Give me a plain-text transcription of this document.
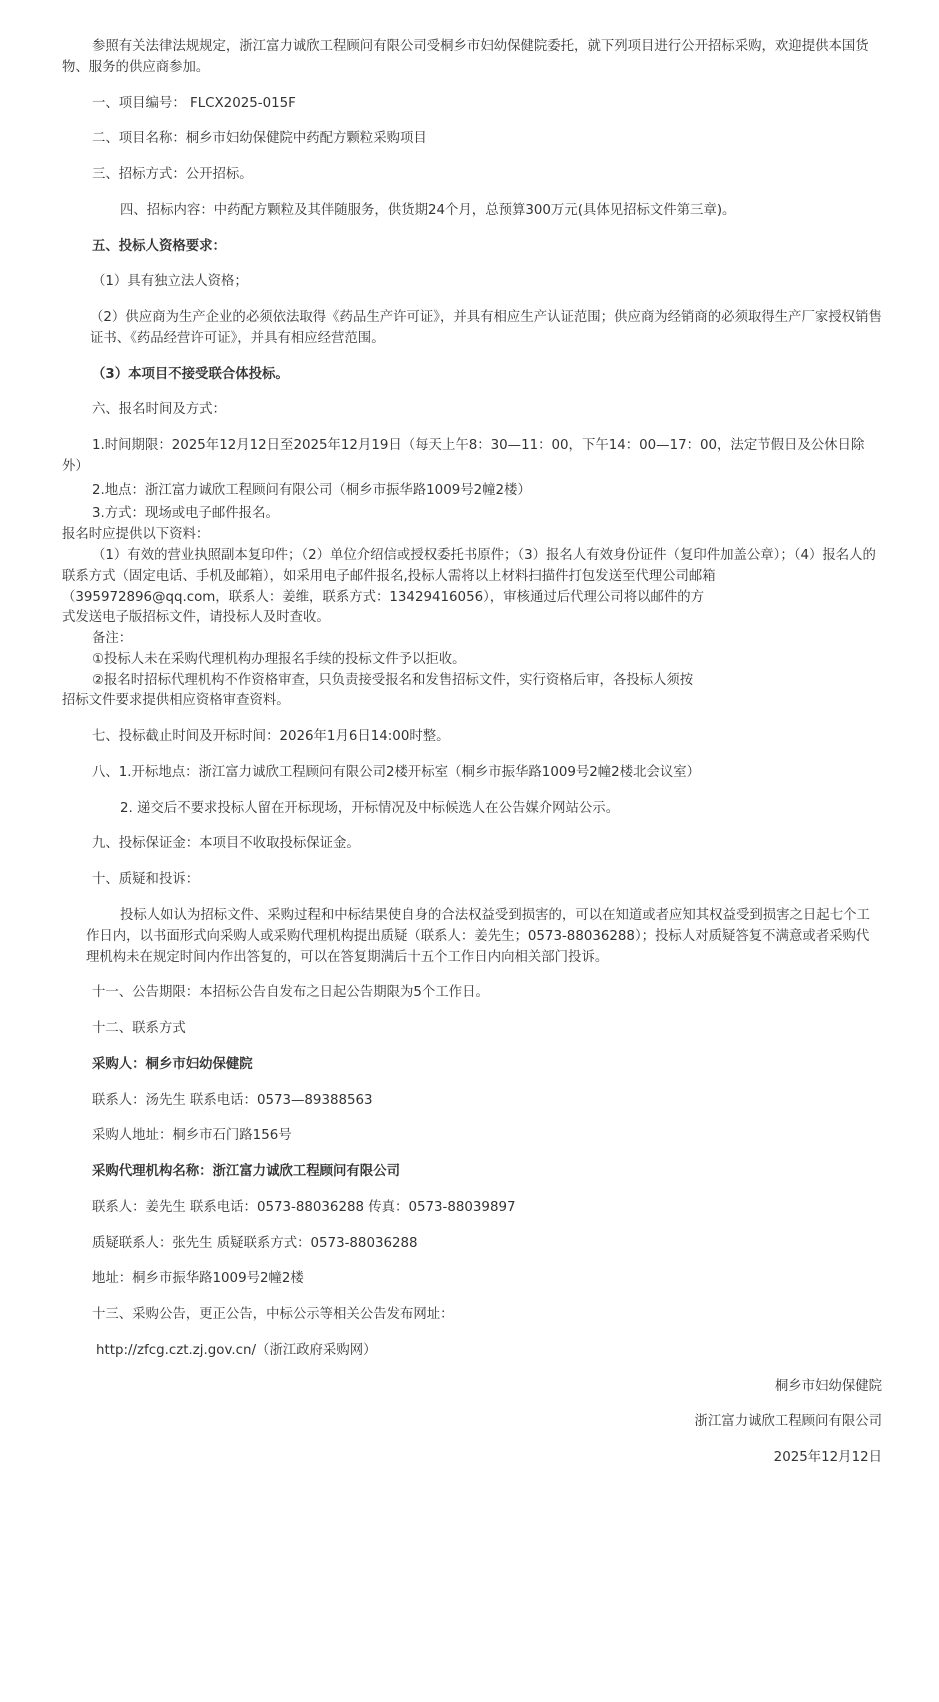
参照有关法律法规规定，浙江富力诚欣工程顾问有限公司受桐乡市妇幼保健院委托，就下列项目进行公开招标采购，欢迎提供本国货物、服务的供应商参加。

一、项目编号： FLCX2025-015F

二、项目名称：桐乡市妇幼保健院中药配方颗粒采购项目

三、招标方式：公开招标。

四、招标内容：中药配方颗粒及其伴随服务，供货期24个月，总预算300万元(具体见招标文件第三章)。

五、投标人资格要求：

（1）具有独立法人资格；

（2）供应商为生产企业的必须依法取得《药品生产许可证》，并具有相应生产认证范围；供应商为经销商的必须取得生产厂家授权销售证书、《药品经营许可证》，并具有相应经营范围。

（3）本项目不接受联合体投标。

六、报名时间及方式：

1.时间期限：2025年12月12日至2025年12月19日（每天上午8：30—11：00，下午14：00—17：00，法定节假日及公休日除外）

2.地点：浙江富力诚欣工程顾问有限公司（桐乡市振华路1009号2幢2楼）

3.方式：现场或电子邮件报名。

报名时应提供以下资料：

（1）有效的营业执照副本复印件；（2）单位介绍信或授权委托书原件；（3）报名人有效身份证件（复印件加盖公章）；（4）报名人的联系方式（固定电话、手机及邮箱），如采用电子邮件报名,投标人需将以上材料扫描件打包发送至代理公司邮箱（395972896@qq.com，联系人：姜维，联系方式：13429416056），审核通过后代理公司将以邮件的方

式发送电子版招标文件，请投标人及时查收。

备注：

①投标人未在采购代理机构办理报名手续的投标文件予以拒收。

②报名时招标代理机构不作资格审查，只负责接受报名和发售招标文件，实行资格后审，各投标人须按

招标文件要求提供相应资格审查资料。

七、投标截止时间及开标时间：2026年1月6日14:00时整。

八、1.开标地点：浙江富力诚欣工程顾问有限公司2楼开标室（桐乡市振华路1009号2幢2楼北会议室）

2. 递交后不要求投标人留在开标现场，开标情况及中标候选人在公告媒介网站公示。

九、投标保证金：本项目不收取投标保证金。

十、质疑和投诉：

投标人如认为招标文件、采购过程和中标结果使自身的合法权益受到损害的，可以在知道或者应知其权益受到损害之日起七个工作日内，以书面形式向采购人或采购代理机构提出质疑（联系人：姜先生；0573-88036288）；投标人对质疑答复不满意或者采购代理机构未在规定时间内作出答复的，可以在答复期满后十五个工作日内向相关部门投诉。

十一、公告期限：本招标公告自发布之日起公告期限为5个工作日。

十二、联系方式

采购人：桐乡市妇幼保健院

联系人：汤先生 联系电话：0573—89388563

采购人地址：桐乡市石门路156号

采购代理机构名称：浙江富力诚欣工程顾问有限公司

联系人：姜先生 联系电话：0573-88036288 传真：0573-88039897

质疑联系人：张先生 质疑联系方式：0573-88036288

地址：桐乡市振华路1009号2幢2楼

十三、采购公告，更正公告，中标公示等相关公告发布网址：

http://zfcg.czt.zj.gov.cn/（浙江政府采购网）

桐乡市妇幼保健院

浙江富力诚欣工程顾问有限公司

2025年12月12日
